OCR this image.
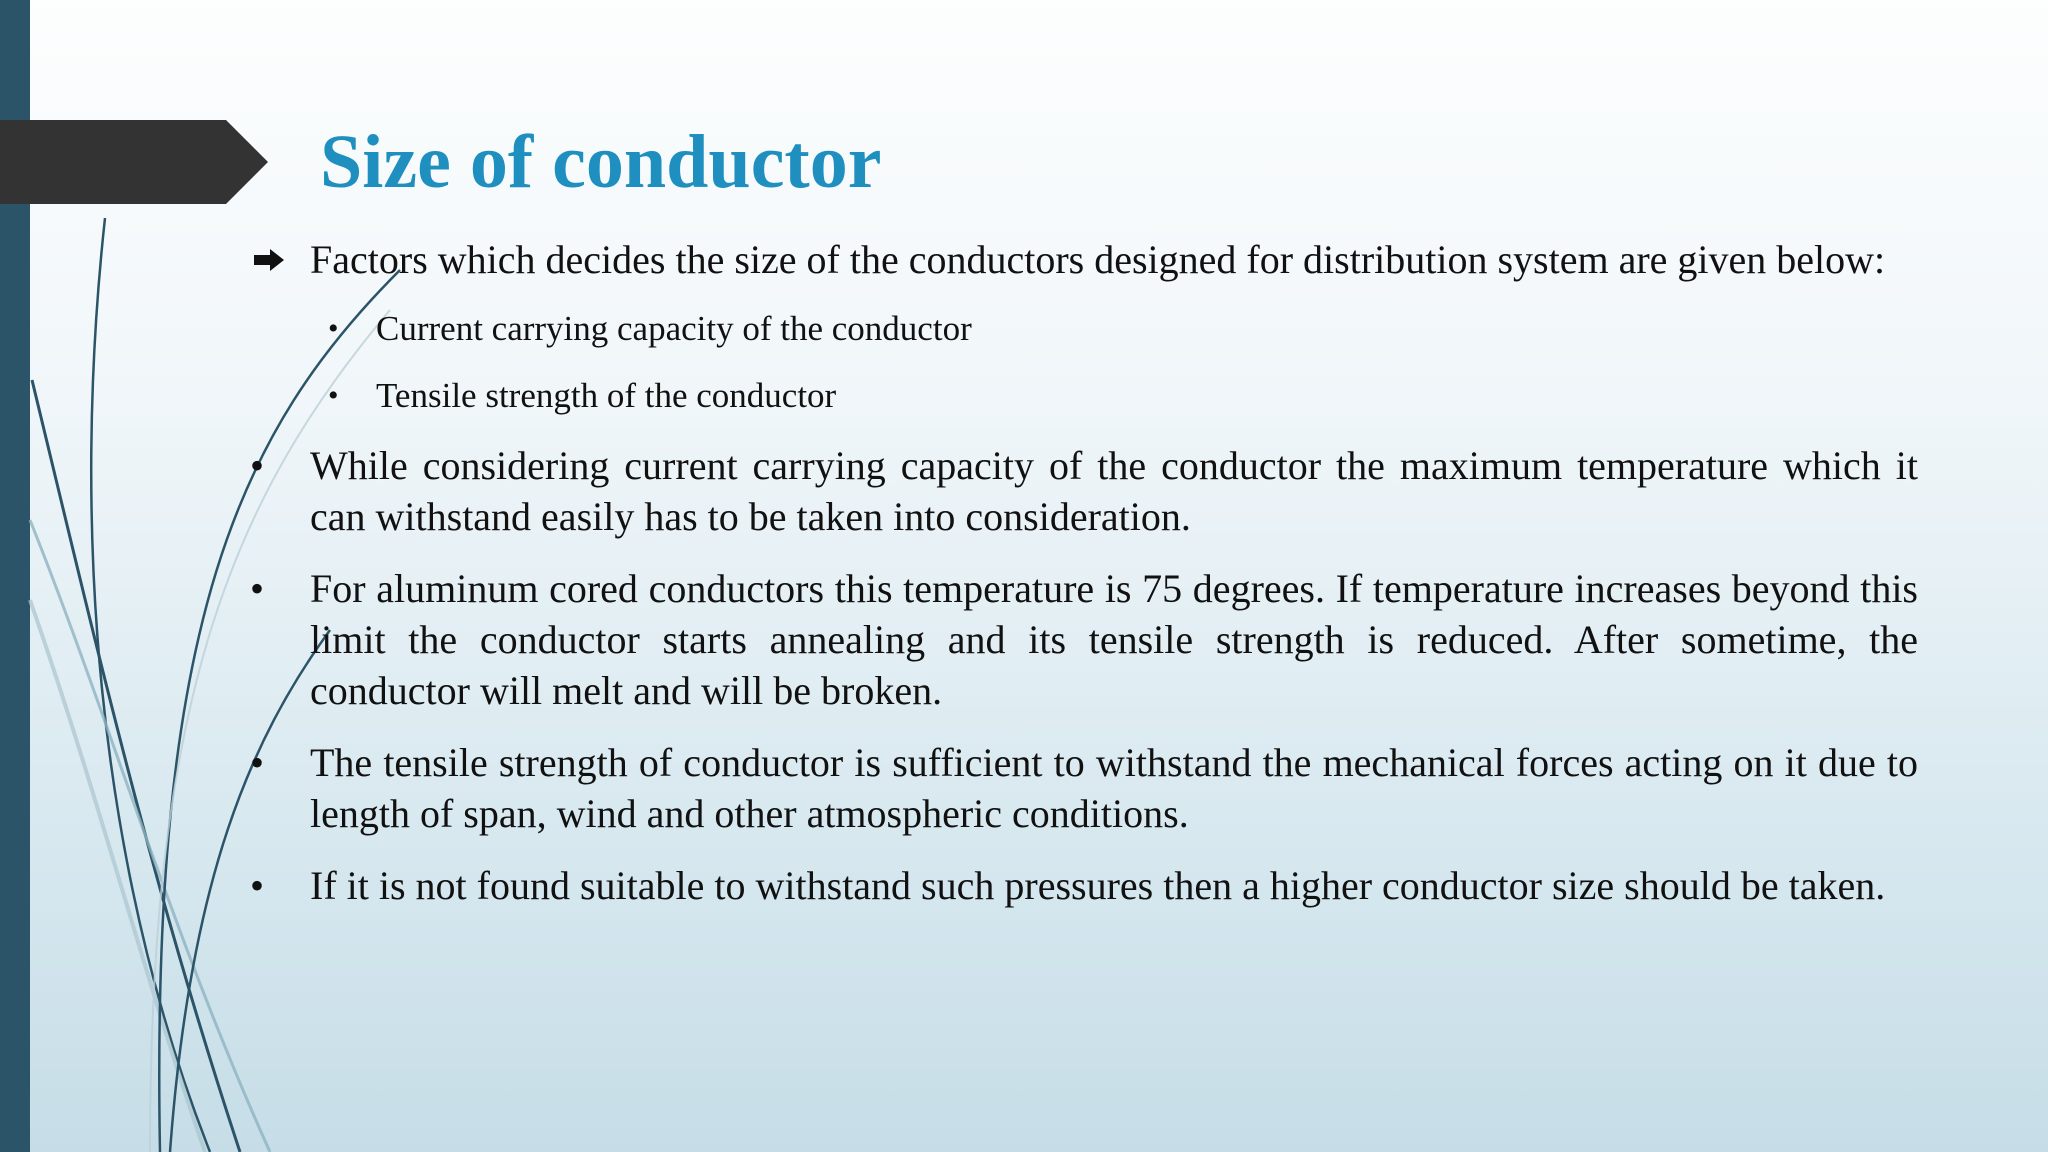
Size of conductor
Factors which decides the size of the conductors designed for distribution system are given below:
• Current carrying capacity of the conductor
• Tensile strength of the conductor
•	While considering current carrying capacity of the conductor the maximum temperature which it can withstand easily has to be taken into consideration.
•	For aluminum cored conductors this temperature is 75 degrees. If temperature increases beyond this limit the conductor starts annealing and its tensile strength is reduced. After sometime, the conductor will melt and will be broken.
•	The tensile strength of conductor is sufficient to withstand the mechanical forces acting on it due to length of span, wind and other atmospheric conditions.
•	If it is not found suitable to withstand such pressures then a higher conductor size should be taken.
